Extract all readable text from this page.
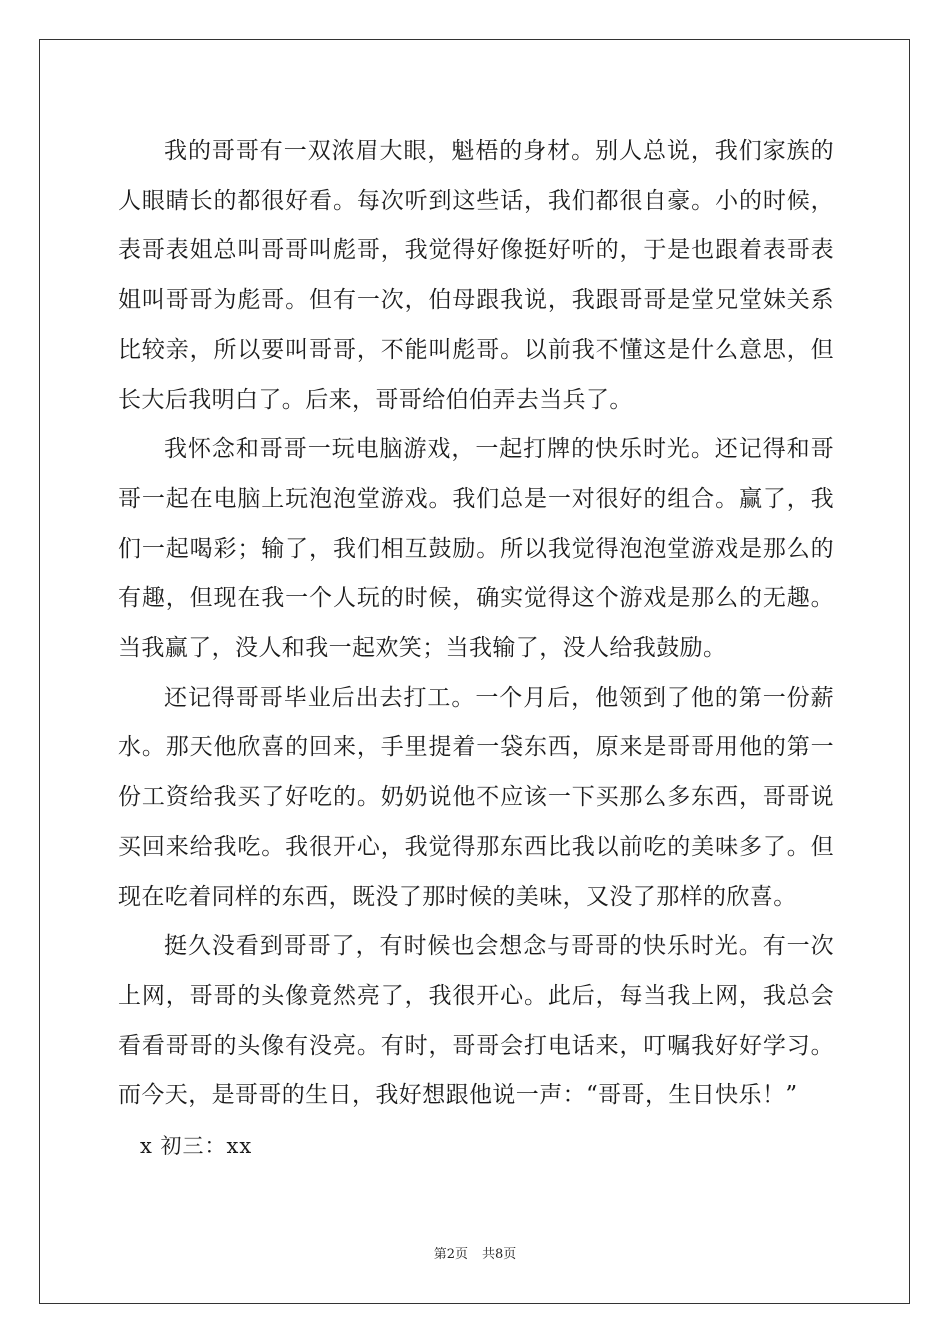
我的哥哥有一双浓眉大眼，魁梧的身材。别人总说，我们家族的人眼睛长的都很好看。每次听到这些话，我们都很自豪。小的时候，表哥表姐总叫哥哥叫彪哥，我觉得好像挺好听的，于是也跟着表哥表姐叫哥哥为彪哥。但有一次，伯母跟我说，我跟哥哥是堂兄堂妹关系比较亲，所以要叫哥哥，不能叫彪哥。以前我不懂这是什么意思，但长大后我明白了。后来，哥哥给伯伯弄去当兵了。

我怀念和哥哥一玩电脑游戏，一起打牌的快乐时光。还记得和哥哥一起在电脑上玩泡泡堂游戏。我们总是一对很好的组合。赢了，我们一起喝彩；输了，我们相互鼓励。所以我觉得泡泡堂游戏是那么的有趣，但现在我一个人玩的时候，确实觉得这个游戏是那么的无趣。当我赢了，没人和我一起欢笑；当我输了，没人给我鼓励。

还记得哥哥毕业后出去打工。一个月后，他领到了他的第一份薪水。那天他欣喜的回来，手里提着一袋东西，原来是哥哥用他的第一份工资给我买了好吃的。奶奶说他不应该一下买那么多东西，哥哥说买回来给我吃。我很开心，我觉得那东西比我以前吃的美味多了。但现在吃着同样的东西，既没了那时候的美味，又没了那样的欣喜。

挺久没看到哥哥了，有时候也会想念与哥哥的快乐时光。有一次上网，哥哥的头像竟然亮了，我很开心。此后，每当我上网，我总会看看哥哥的头像有没亮。有时，哥哥会打电话来，叮嘱我好好学习。而今天，是哥哥的生日，我好想跟他说一声：“哥哥，生日快乐！”

x 初三：xx
第2页 共8页
